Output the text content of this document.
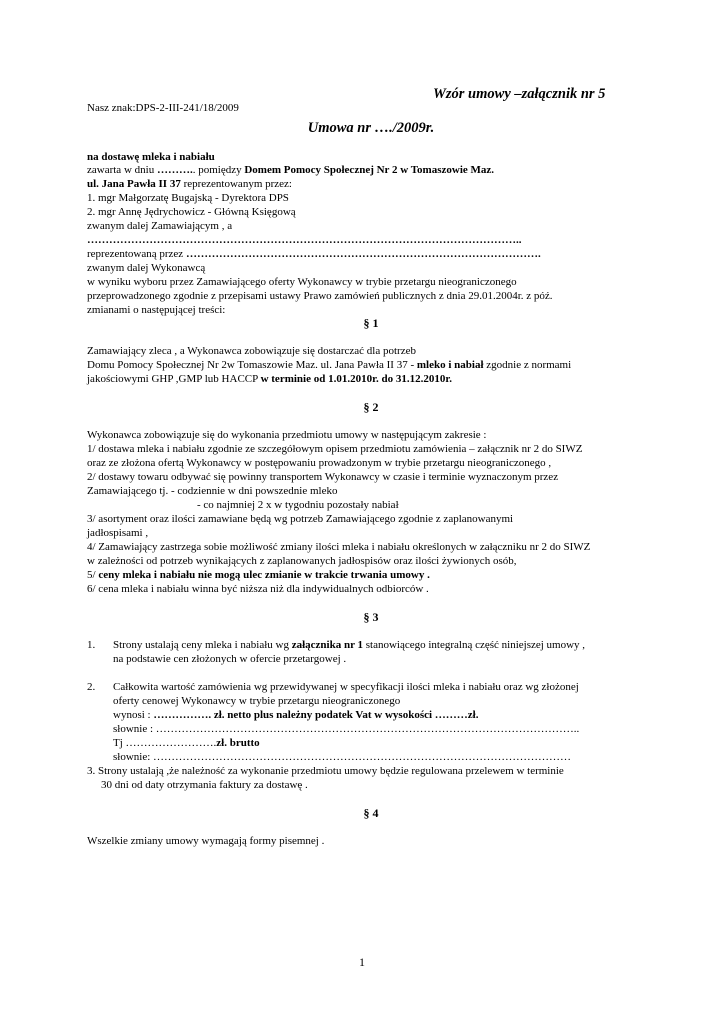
Wzór umowy –załącznik nr 5
Nasz znak:DPS-2-III-241/18/2009
Umowa nr …./2009r.
na dostawę mleka i nabiału
zawarta w dniu ……….. pomiędzy Domem Pomocy Społecznej Nr 2 w Tomaszowie Maz.
ul. Jana Pawła II 37 reprezentowanym przez:
1. mgr Małgorzatę Bugajską - Dyrektora DPS
2. mgr Annę Jędrychowicz - Główną Księgową
zwanym dalej Zamawiającym , a
………………………………………………………………………………………………………..
reprezentowaną przez …………………………………………………………………………………….
zwanym dalej Wykonawcą
w wyniku wyboru przez Zamawiającego oferty Wykonawcy w trybie przetargu nieograniczonego
przeprowadzonego zgodnie z przepisami ustawy Prawo zamówień publicznych z dnia 29.01.2004r. z póź.
zmianami o następującej treści:
§ 1
Zamawiający zleca , a Wykonawca zobowiązuje się dostarczać dla potrzeb
Domu Pomocy Społecznej Nr 2w Tomaszowie Maz. ul. Jana Pawła II 37 - mleko i nabiał zgodnie z normami
jakościowymi GHP ,GMP lub HACCP w terminie od 1.01.2010r. do 31.12.2010r.
§ 2
Wykonawca zobowiązuje się do wykonania przedmiotu umowy w następującym zakresie :
1/ dostawa mleka i nabiału zgodnie ze szczegółowym opisem przedmiotu zamówienia – załącznik nr 2 do SIWZ
oraz ze złożona ofertą Wykonawcy w postępowaniu prowadzonym w trybie przetargu nieograniczonego ,
2/ dostawy towaru odbywać się powinny transportem Wykonawcy w czasie i terminie wyznaczonym przez
Zamawiającego tj. - codziennie w dni powszednie mleko
- co najmniej 2 x w tygodniu pozostały nabiał
3/ asortyment oraz ilości zamawiane będą wg potrzeb Zamawiającego zgodnie z zaplanowanymi
jadłospisami ,
4/ Zamawiający zastrzega sobie możliwość zmiany ilości mleka i nabiału określonych w załączniku nr 2 do SIWZ
w zależności od potrzeb wynikających z zaplanowanych jadłospisów oraz ilości żywionych osób,
5/ ceny mleka i nabiału nie mogą ulec zmianie w trakcie trwania umowy .
6/ cena mleka i nabiału winna być niższa niż dla indywidualnych odbiorców .
§ 3
1. Strony ustalają ceny mleka i nabiału wg załącznika nr 1 stanowiącego integralną część niniejszej umowy ,
na podstawie cen złożonych w ofercie przetargowej .
2. Całkowita wartość zamówienia wg przewidywanej w specyfikacji ilości mleka i nabiału oraz wg złożonej
oferty cenowej Wykonawcy w trybie przetargu nieograniczonego
wynosi : ……………. zł. netto plus należny podatek Vat w wysokości ………zł.
słownie : ……………………………………………………………………………………………………..
Tj …………………….zł. brutto
słownie: ……………………………………………………………………………………………………
3. Strony ustalają ,że należność za wykonanie przedmiotu umowy będzie regulowana przelewem w terminie
30 dni od daty otrzymania faktury za dostawę .
§ 4
Wszelkie zmiany umowy wymagają formy pisemnej .
1
